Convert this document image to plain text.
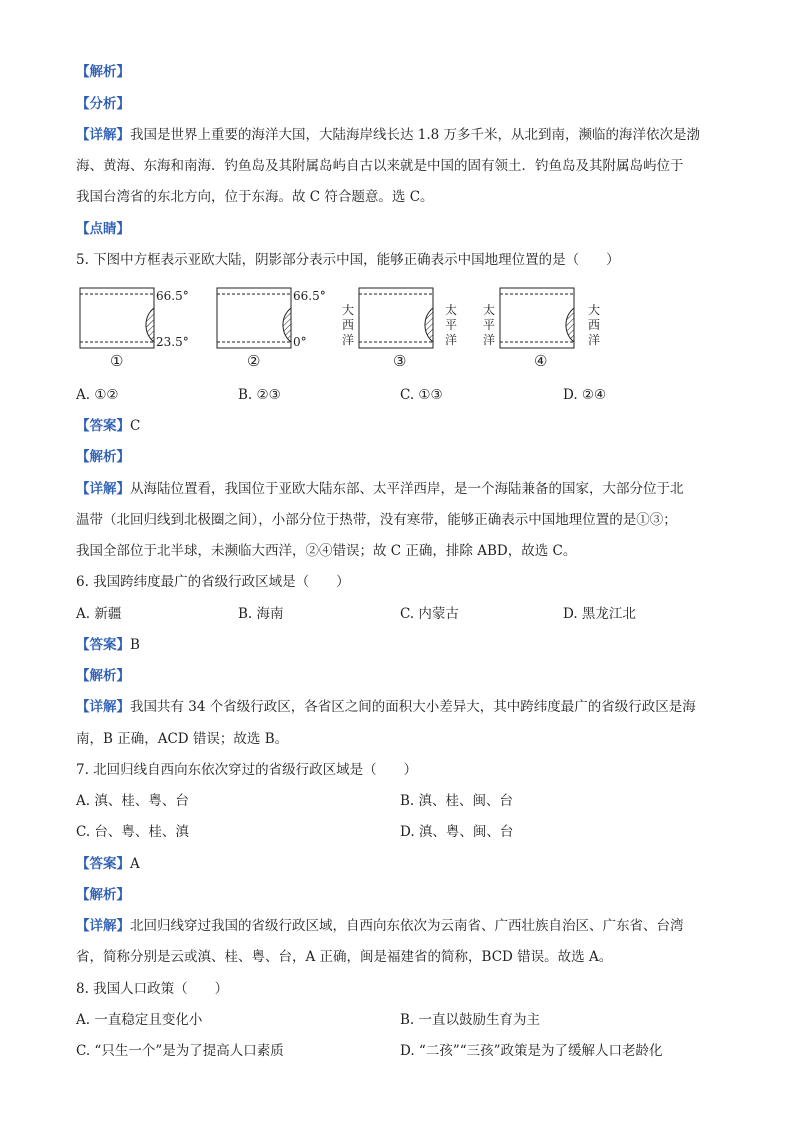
【解析】
【分析】
【详解】我国是世界上重要的海洋大国，大陆海岸线长达 1.8 万多千米，从北到南，濒临的海洋依次是渤
海、黄海、东海和南海．钓鱼岛及其附属岛屿自古以来就是中国的固有领土．钓鱼岛及其附属岛屿位于
我国台湾省的东北方向，位于东海。故 C 符合题意。选 C。
【点睛】
5. 下图中方框表示亚欧大陆，阴影部分表示中国，能够正确表示中国地理位置的是（　　）
66.5°
23.5°
①
66.5°
0°
②
大
西
洋
太
平
洋
③
太
平
洋
大
西
洋
④
A. ①②	B. ②③	C. ①③	D. ②④
【答案】C
【解析】
【详解】从海陆位置看，我国位于亚欧大陆东部、太平洋西岸，是一个海陆兼备的国家，大部分位于北
温带（北回归线到北极圈之间），小部分位于热带，没有寒带，能够正确表示中国地理位置的是①③；
我国全部位于北半球，未濒临大西洋，②④错误；故 C 正确，排除 ABD，故选 C。
6. 我国跨纬度最广的省级行政区域是（　　）
A. 新疆	B. 海南	C. 内蒙古	D. 黑龙江北
【答案】B
【解析】
【详解】我国共有 34 个省级行政区，各省区之间的面积大小差异大，其中跨纬度最广的省级行政区是海
南，B 正确，ACD 错误；故选 B。
7. 北回归线自西向东依次穿过的省级行政区域是（　　）
A. 滇、桂、粤、台	B. 滇、桂、闽、台
C. 台、粤、桂、滇	D. 滇、粤、闽、台
【答案】A
【解析】
【详解】北回归线穿过我国的省级行政区域，自西向东依次为云南省、广西壮族自治区、广东省、台湾
省，简称分别是云或滇、桂、粤、台，A 正确，闽是福建省的简称，BCD 错误。故选 A。
8. 我国人口政策（　　）
A. 一直稳定且变化小	B. 一直以鼓励生育为主
C. “只生一个”是为了提高人口素质	D. “二孩”“三孩”政策是为了缓解人口老龄化
